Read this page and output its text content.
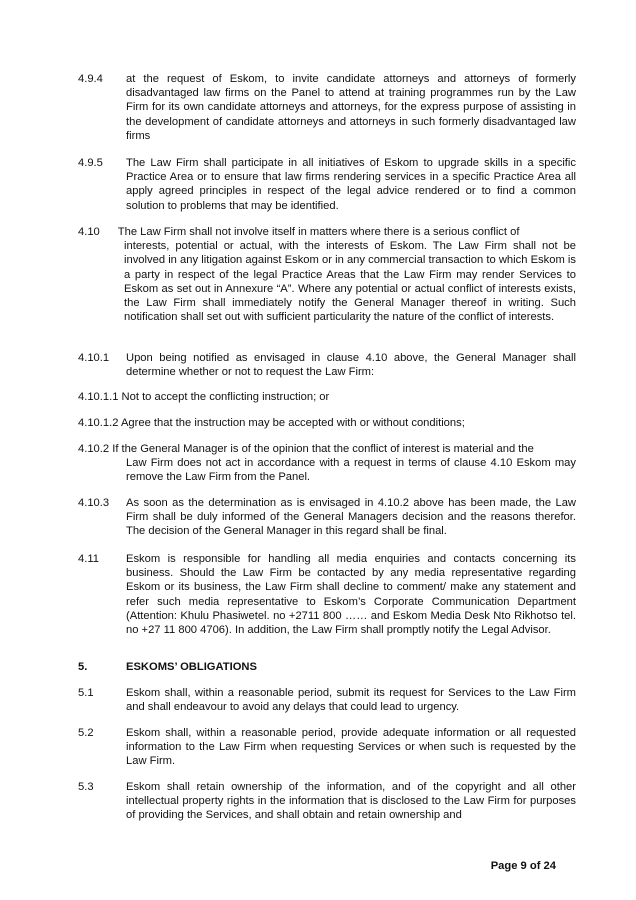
4.9.4 at the request of Eskom, to invite candidate attorneys and attorneys of formerly disadvantaged law firms on the Panel to attend at training programmes run by the Law Firm for its own candidate attorneys and attorneys, for the express purpose of assisting in the development of candidate attorneys and attorneys in such formerly disadvantaged law firms
4.9.5 The Law Firm shall participate in all initiatives of Eskom to upgrade skills in a specific Practice Area or to ensure that law firms rendering services in a specific Practice Area all apply agreed principles in respect of the legal advice rendered or to find a common solution to problems that may be identified.
4.10 The Law Firm shall not involve itself in matters where there is a serious conflict of
interests, potential or actual, with the interests of Eskom. The Law Firm shall not be involved in any litigation against Eskom or in any commercial transaction to which Eskom is a party in respect of the legal Practice Areas that the Law Firm may render Services to Eskom as set out in Annexure “A”. Where any potential or actual conflict of interests exists, the Law Firm shall immediately notify the General Manager thereof in writing. Such notification shall set out with sufficient particularity the nature of the conflict of interests.
4.10.1 Upon being notified as envisaged in clause 4.10 above, the General Manager shall determine whether or not to request the Law Firm:
4.10.1.1 Not to accept the conflicting instruction; or
4.10.1.2 Agree that the instruction may be accepted with or without conditions;
4.10.2 If the General Manager is of the opinion that the conflict of interest is material and the
Law Firm does not act in accordance with a request in terms of clause 4.10 Eskom may remove the Law Firm from the Panel.
4.10.3 As soon as the determination as is envisaged in 4.10.2 above has been made, the Law Firm shall be duly informed of the General Managers decision and the reasons therefor. The decision of the General Manager in this regard shall be final.
4.11 Eskom is responsible for handling all media enquiries and contacts concerning its business. Should the Law Firm be contacted by any media representative regarding Eskom or its business, the Law Firm shall decline to comment/ make any statement and refer such media representative to Eskom’s Corporate Communication Department (Attention: Khulu Phasiwetel. no +2711 800 …… and Eskom Media Desk Nto Rikhotso tel. no +27 11 800 4706). In addition, the Law Firm shall promptly notify the Legal Advisor.
5.	ESKOMS’ OBLIGATIONS
5.1	Eskom shall, within a reasonable period, submit its request for Services to the Law Firm and shall endeavour to avoid any delays that could lead to urgency.
5.2	Eskom shall, within a reasonable period, provide adequate information or all requested information to the Law Firm when requesting Services or when such is requested by the Law Firm.
5.3	Eskom shall retain ownership of the information, and of the copyright and all other intellectual property rights in the information that is disclosed to the Law Firm for purposes of providing the Services, and shall obtain and retain ownership and
Page 9 of 24
